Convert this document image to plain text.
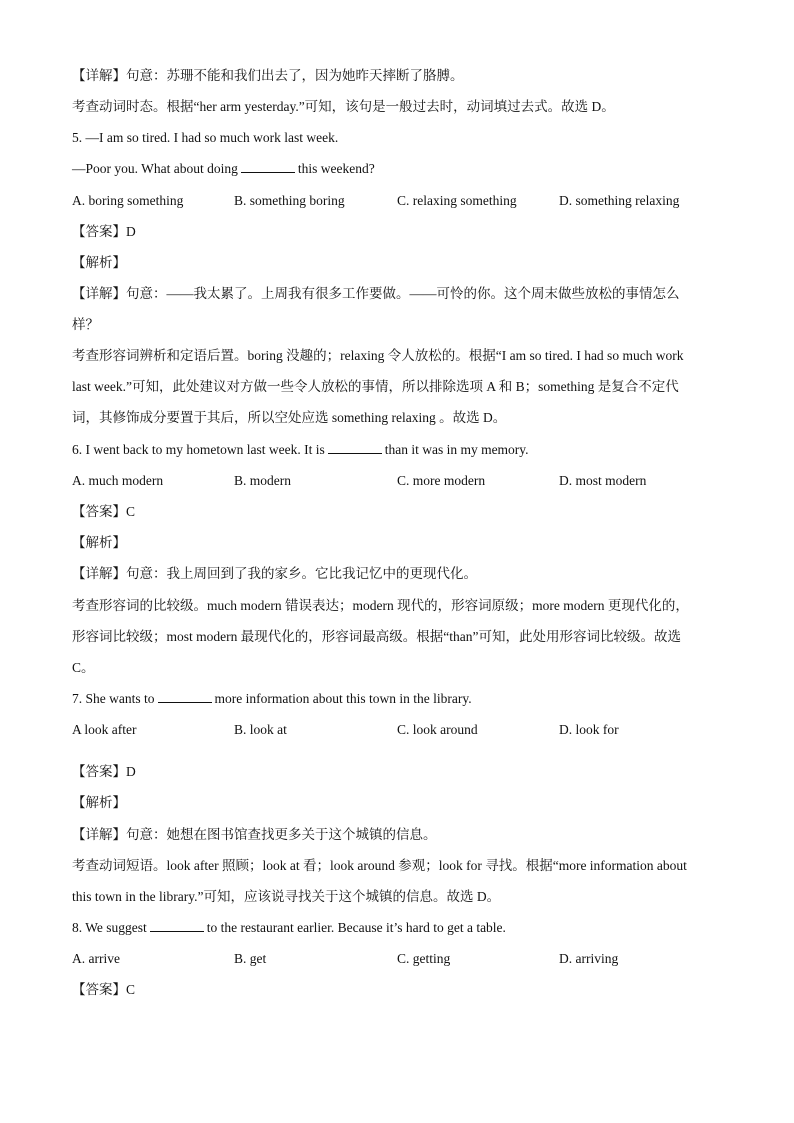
【详解】句意：苏珊不能和我们出去了，因为她昨天摔断了胳膊。
考查动词时态。根据“her arm yesterday.”可知，该句是一般过去时，动词填过去式。故选 D。
5. —I am so tired. I had so much work last week.
—Poor you. What about doing	this weekend?
A. boring something	B. something boring	C. relaxing something	D. something relaxing
【答案】D
【解析】
【详解】句意：——我太累了。上周我有很多工作要做。——可怜的你。这个周末做些放松的事情怎么
样？
考查形容词辨析和定语后置。boring 没趣的；relaxing 令人放松的。根据“I am so tired. I had so much work
last week.”可知，此处建议对方做一些令人放松的事情，所以排除选项 A 和 B；something 是复合不定代
词，其修饰成分要置于其后，所以空处应选 something relaxing 。故选 D。
6. I went back to my hometown last week. It is	than it was in my memory.
A. much modern	B. modern	C. more modern	D. most modern
【答案】C
【解析】
【详解】句意：我上周回到了我的家乡。它比我记忆中的更现代化。
考查形容词的比较级。much modern 错误表达；modern 现代的，形容词原级；more modern 更现代化的，
形容词比较级；most modern 最现代化的，形容词最高级。根据“than”可知，此处用形容词比较级。故选
C。
7. She wants to	more information about this town in the library.
A look after	B. look at	C. look around	D. look for
【答案】D
【解析】
【详解】句意：她想在图书馆查找更多关于这个城镇的信息。
考查动词短语。look after 照顾；look at 看；look around 参观；look for 寻找。根据“more information about
this town in the library.”可知，应该说寻找关于这个城镇的信息。故选 D。
8. We suggest	to the restaurant earlier. Because it’s hard to get a table.
A. arrive	B. get	C. getting	D. arriving
【答案】C
